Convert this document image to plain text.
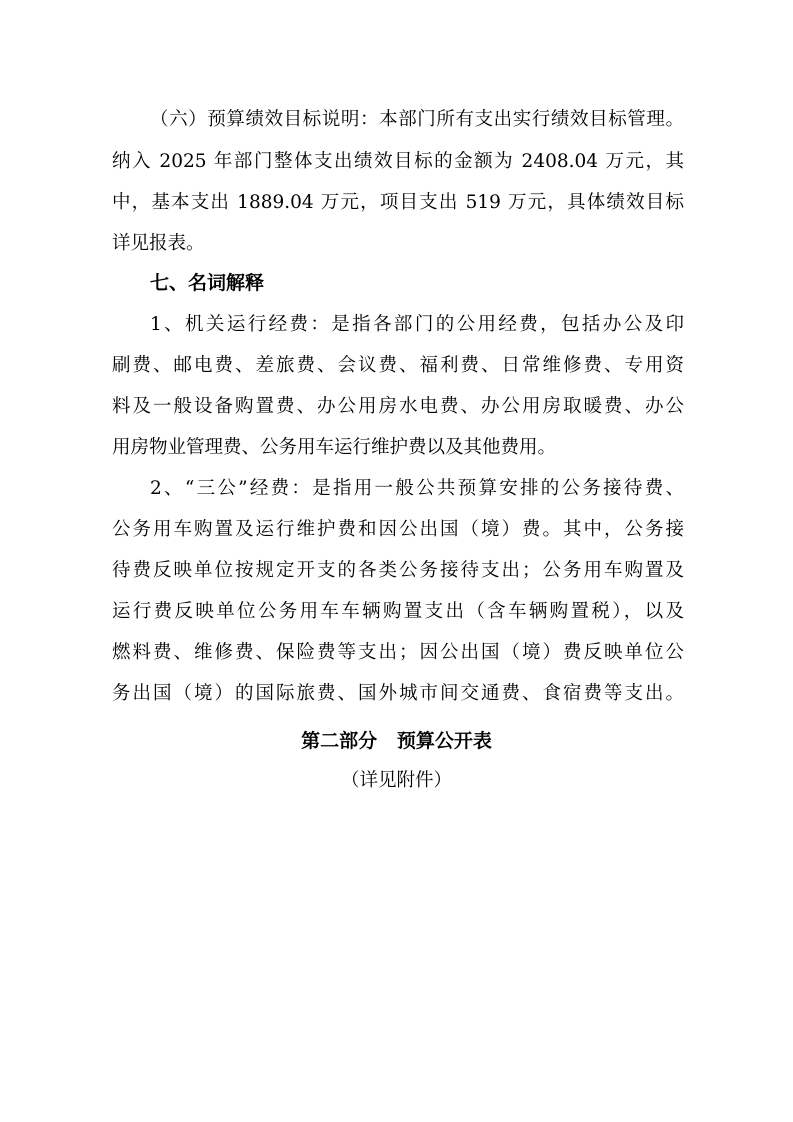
（六）预算绩效目标说明：本部门所有支出实行绩效目标管理。
纳入 2025 年部门整体支出绩效目标的金额为 2408.04 万元，其
中，基本支出 1889.04 万元，项目支出 519 万元，具体绩效目标
详见报表。
七、名词解释
1、机关运行经费：是指各部门的公用经费，包括办公及印
刷费、邮电费、差旅费、会议费、福利费、日常维修费、专用资
料及一般设备购置费、办公用房水电费、办公用房取暖费、办公
用房物业管理费、公务用车运行维护费以及其他费用。
2、“三公”经费：是指用一般公共预算安排的公务接待费、
公务用车购置及运行维护费和因公出国（境）费。其中，公务接
待费反映单位按规定开支的各类公务接待支出；公务用车购置及
运行费反映单位公务用车车辆购置支出（含车辆购置税），以及
燃料费、维修费、保险费等支出；因公出国（境）费反映单位公
务出国（境）的国际旅费、国外城市间交通费、食宿费等支出。
第二部分   预算公开表
（详见附件）
